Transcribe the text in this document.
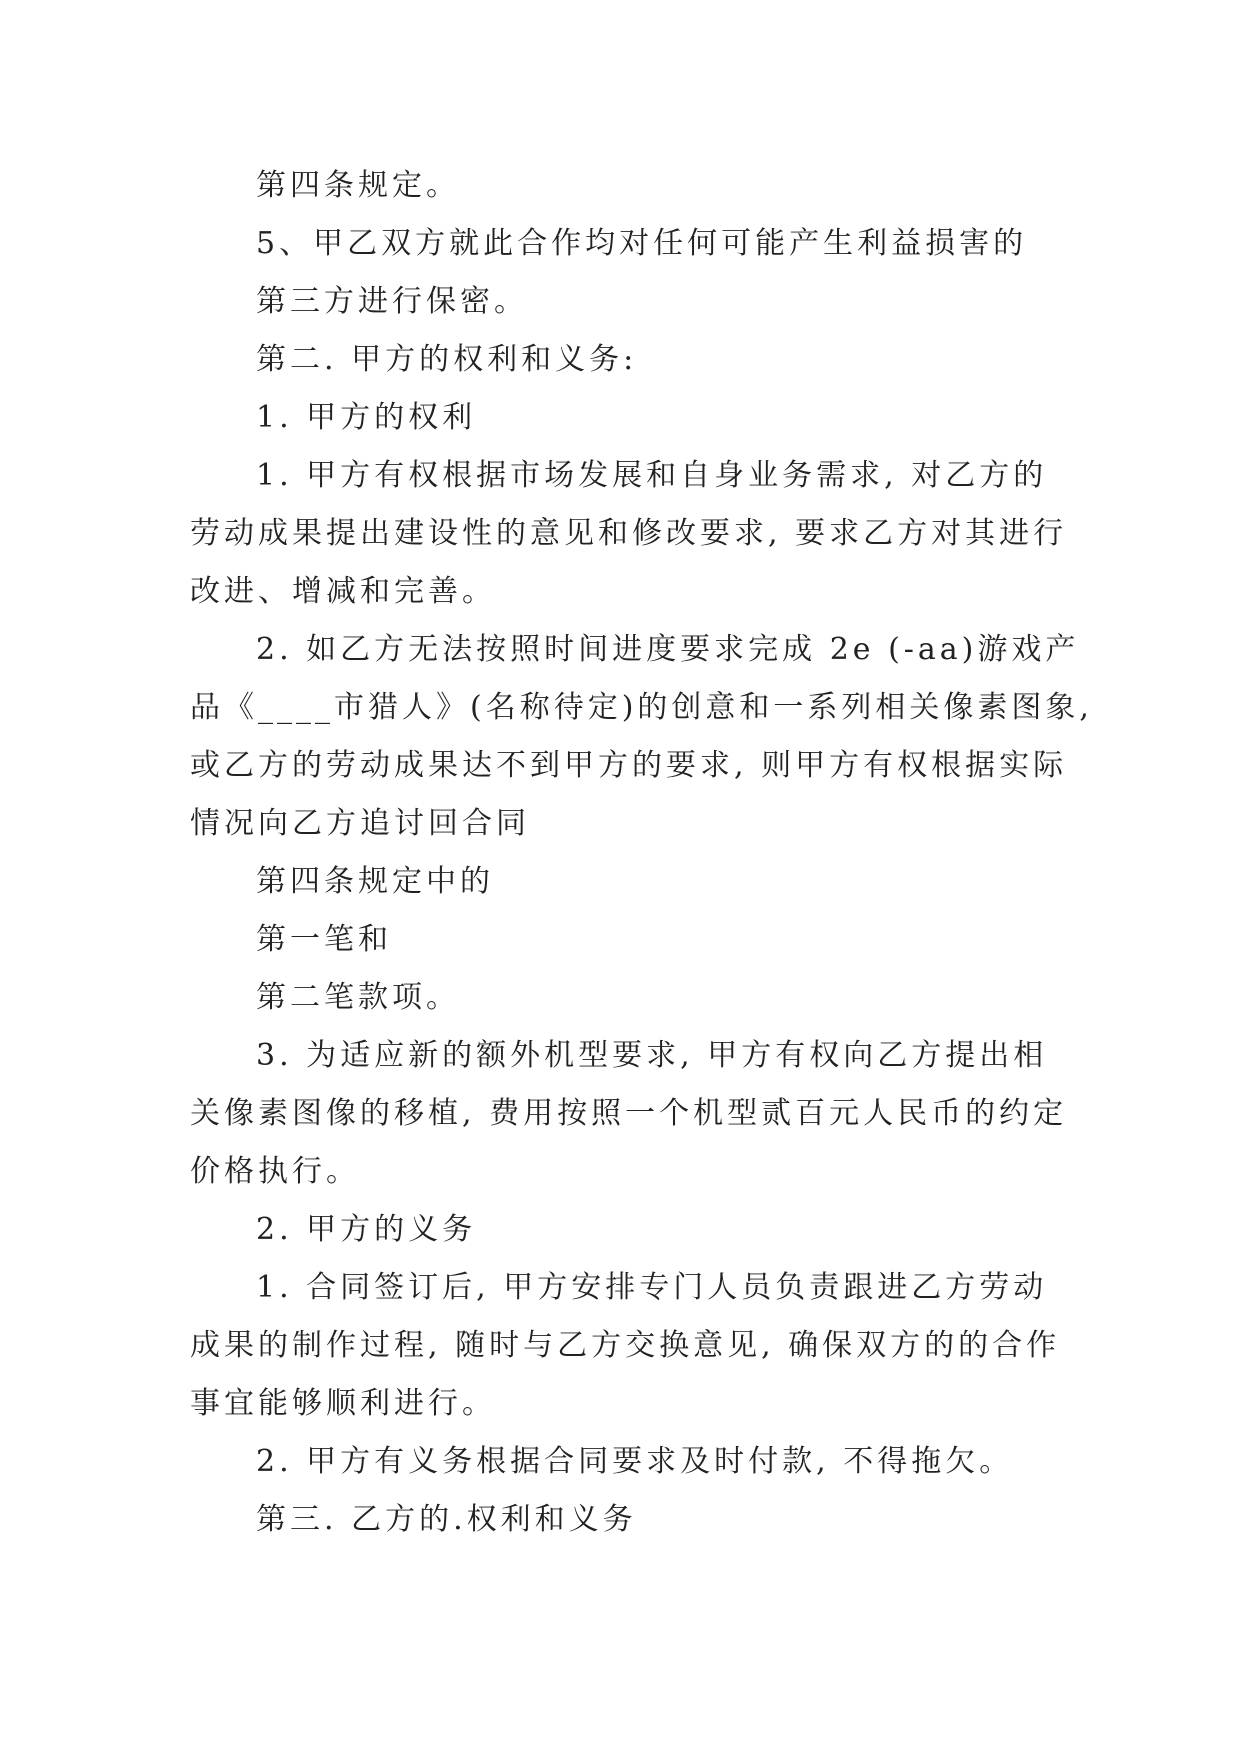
第四条规定。
5、甲乙双方就此合作均对任何可能产生利益损害的
第三方进行保密。
第二. 甲方的权利和义务:
1. 甲方的权利
1. 甲方有权根据市场发展和自身业务需求, 对乙方的
劳动成果提出建设性的意见和修改要求, 要求乙方对其进行
改进、增减和完善。
2. 如乙方无法按照时间进度要求完成 2e (-aa)游戏产
品《____市猎人》(名称待定)的创意和一系列相关像素图象,
或乙方的劳动成果达不到甲方的要求, 则甲方有权根据实际
情况向乙方追讨回合同
第四条规定中的
第一笔和
第二笔款项。
3. 为适应新的额外机型要求, 甲方有权向乙方提出相
关像素图像的移植, 费用按照一个机型贰百元人民币的约定
价格执行。
2. 甲方的义务
1. 合同签订后, 甲方安排专门人员负责跟进乙方劳动
成果的制作过程, 随时与乙方交换意见, 确保双方的的合作
事宜能够顺利进行。
2. 甲方有义务根据合同要求及时付款, 不得拖欠。
第三. 乙方的.权利和义务
